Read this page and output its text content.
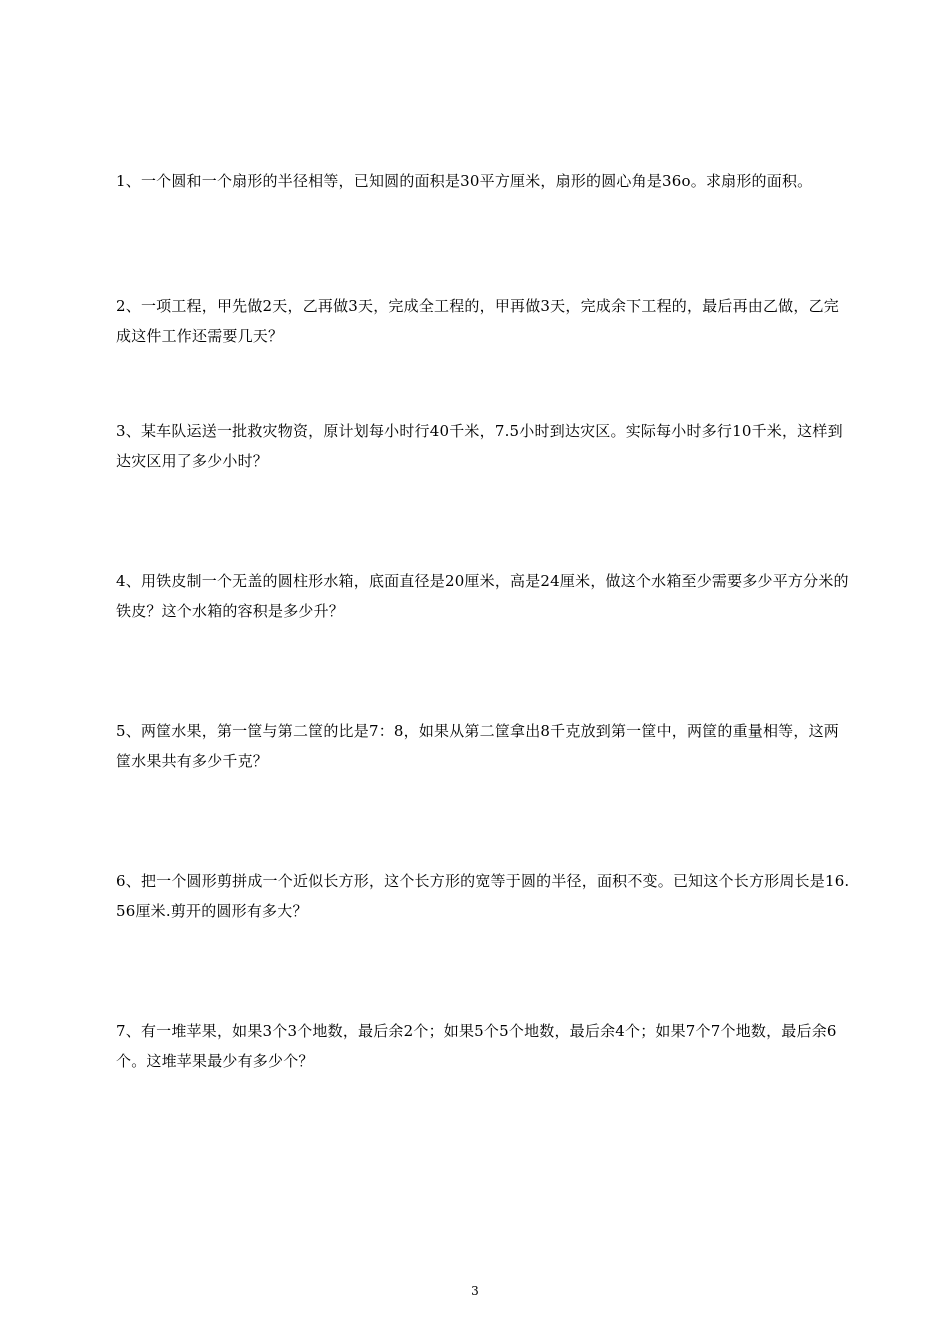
1、一个圆和一个扇形的半径相等，已知圆的面积是30平方厘米，扇形的圆心角是36o。求扇形的面积。
2、一项工程，甲先做2天，乙再做3天，完成全工程的，甲再做3天，完成余下工程的，最后再由乙做，乙完成这件工作还需要几天？
3、某车队运送一批救灾物资，原计划每小时行40千米，7.5小时到达灾区。实际每小时多行10千米，这样到达灾区用了多少小时？
4、用铁皮制一个无盖的圆柱形水箱，底面直径是20厘米，高是24厘米，做这个水箱至少需要多少平方分米的铁皮？这个水箱的容积是多少升？
5、两筐水果，第一筐与第二筐的比是7：8，如果从第二筐拿出8千克放到第一筐中，两筐的重量相等，这两筐水果共有多少千克？
6、把一个圆形剪拼成一个近似长方形，这个长方形的宽等于圆的半径，面积不变。已知这个长方形周长是16.56厘米.剪开的圆形有多大？
7、有一堆苹果，如果3个3个地数，最后余2个；如果5个5个地数，最后余4个；如果7个7个地数，最后余6个。这堆苹果最少有多少个？
3
